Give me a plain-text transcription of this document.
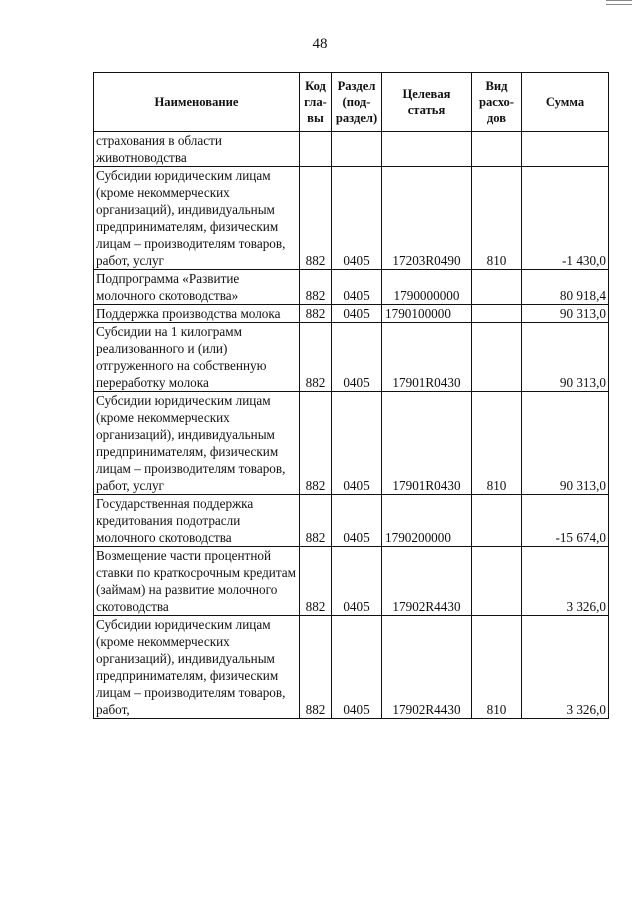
48
Наименование	Код гла-вы	Раздел (под-раздел)	Целевая статья	Вид расхо-дов	Сумма
страхования в области животноводства					
Субсидии юридическим лицам (кроме некоммерческих организаций), индивидуальным предпринимателям, физическим лицам – производителям товаров, работ, услуг	882	0405	17203R0490	810	-1 430,0
Подпрограмма «Развитие молочного скотоводства»	882	0405	1790000000		80 918,4
Поддержка производства молока	882	0405	1790100000		90 313,0
Субсидии на 1 килограмм реализованного и (или) отгруженного на собственную переработку молока	882	0405	17901R0430		90 313,0
Субсидии юридическим лицам (кроме некоммерческих организаций), индивидуальным предпринимателям, физическим лицам – производителям товаров, работ, услуг	882	0405	17901R0430	810	90 313,0
Государственная поддержка кредитования подотрасли молочного скотоводства	882	0405	1790200000		-15 674,0
Возмещение части процентной ставки по краткосрочным кредитам (займам) на развитие молочного скотоводства	882	0405	17902R4430		3 326,0
Субсидии юридическим лицам (кроме некоммерческих организаций), индивидуальным предпринимателям, физическим лицам – производителям товаров, работ,	882	0405	17902R4430	810	3 326,0
